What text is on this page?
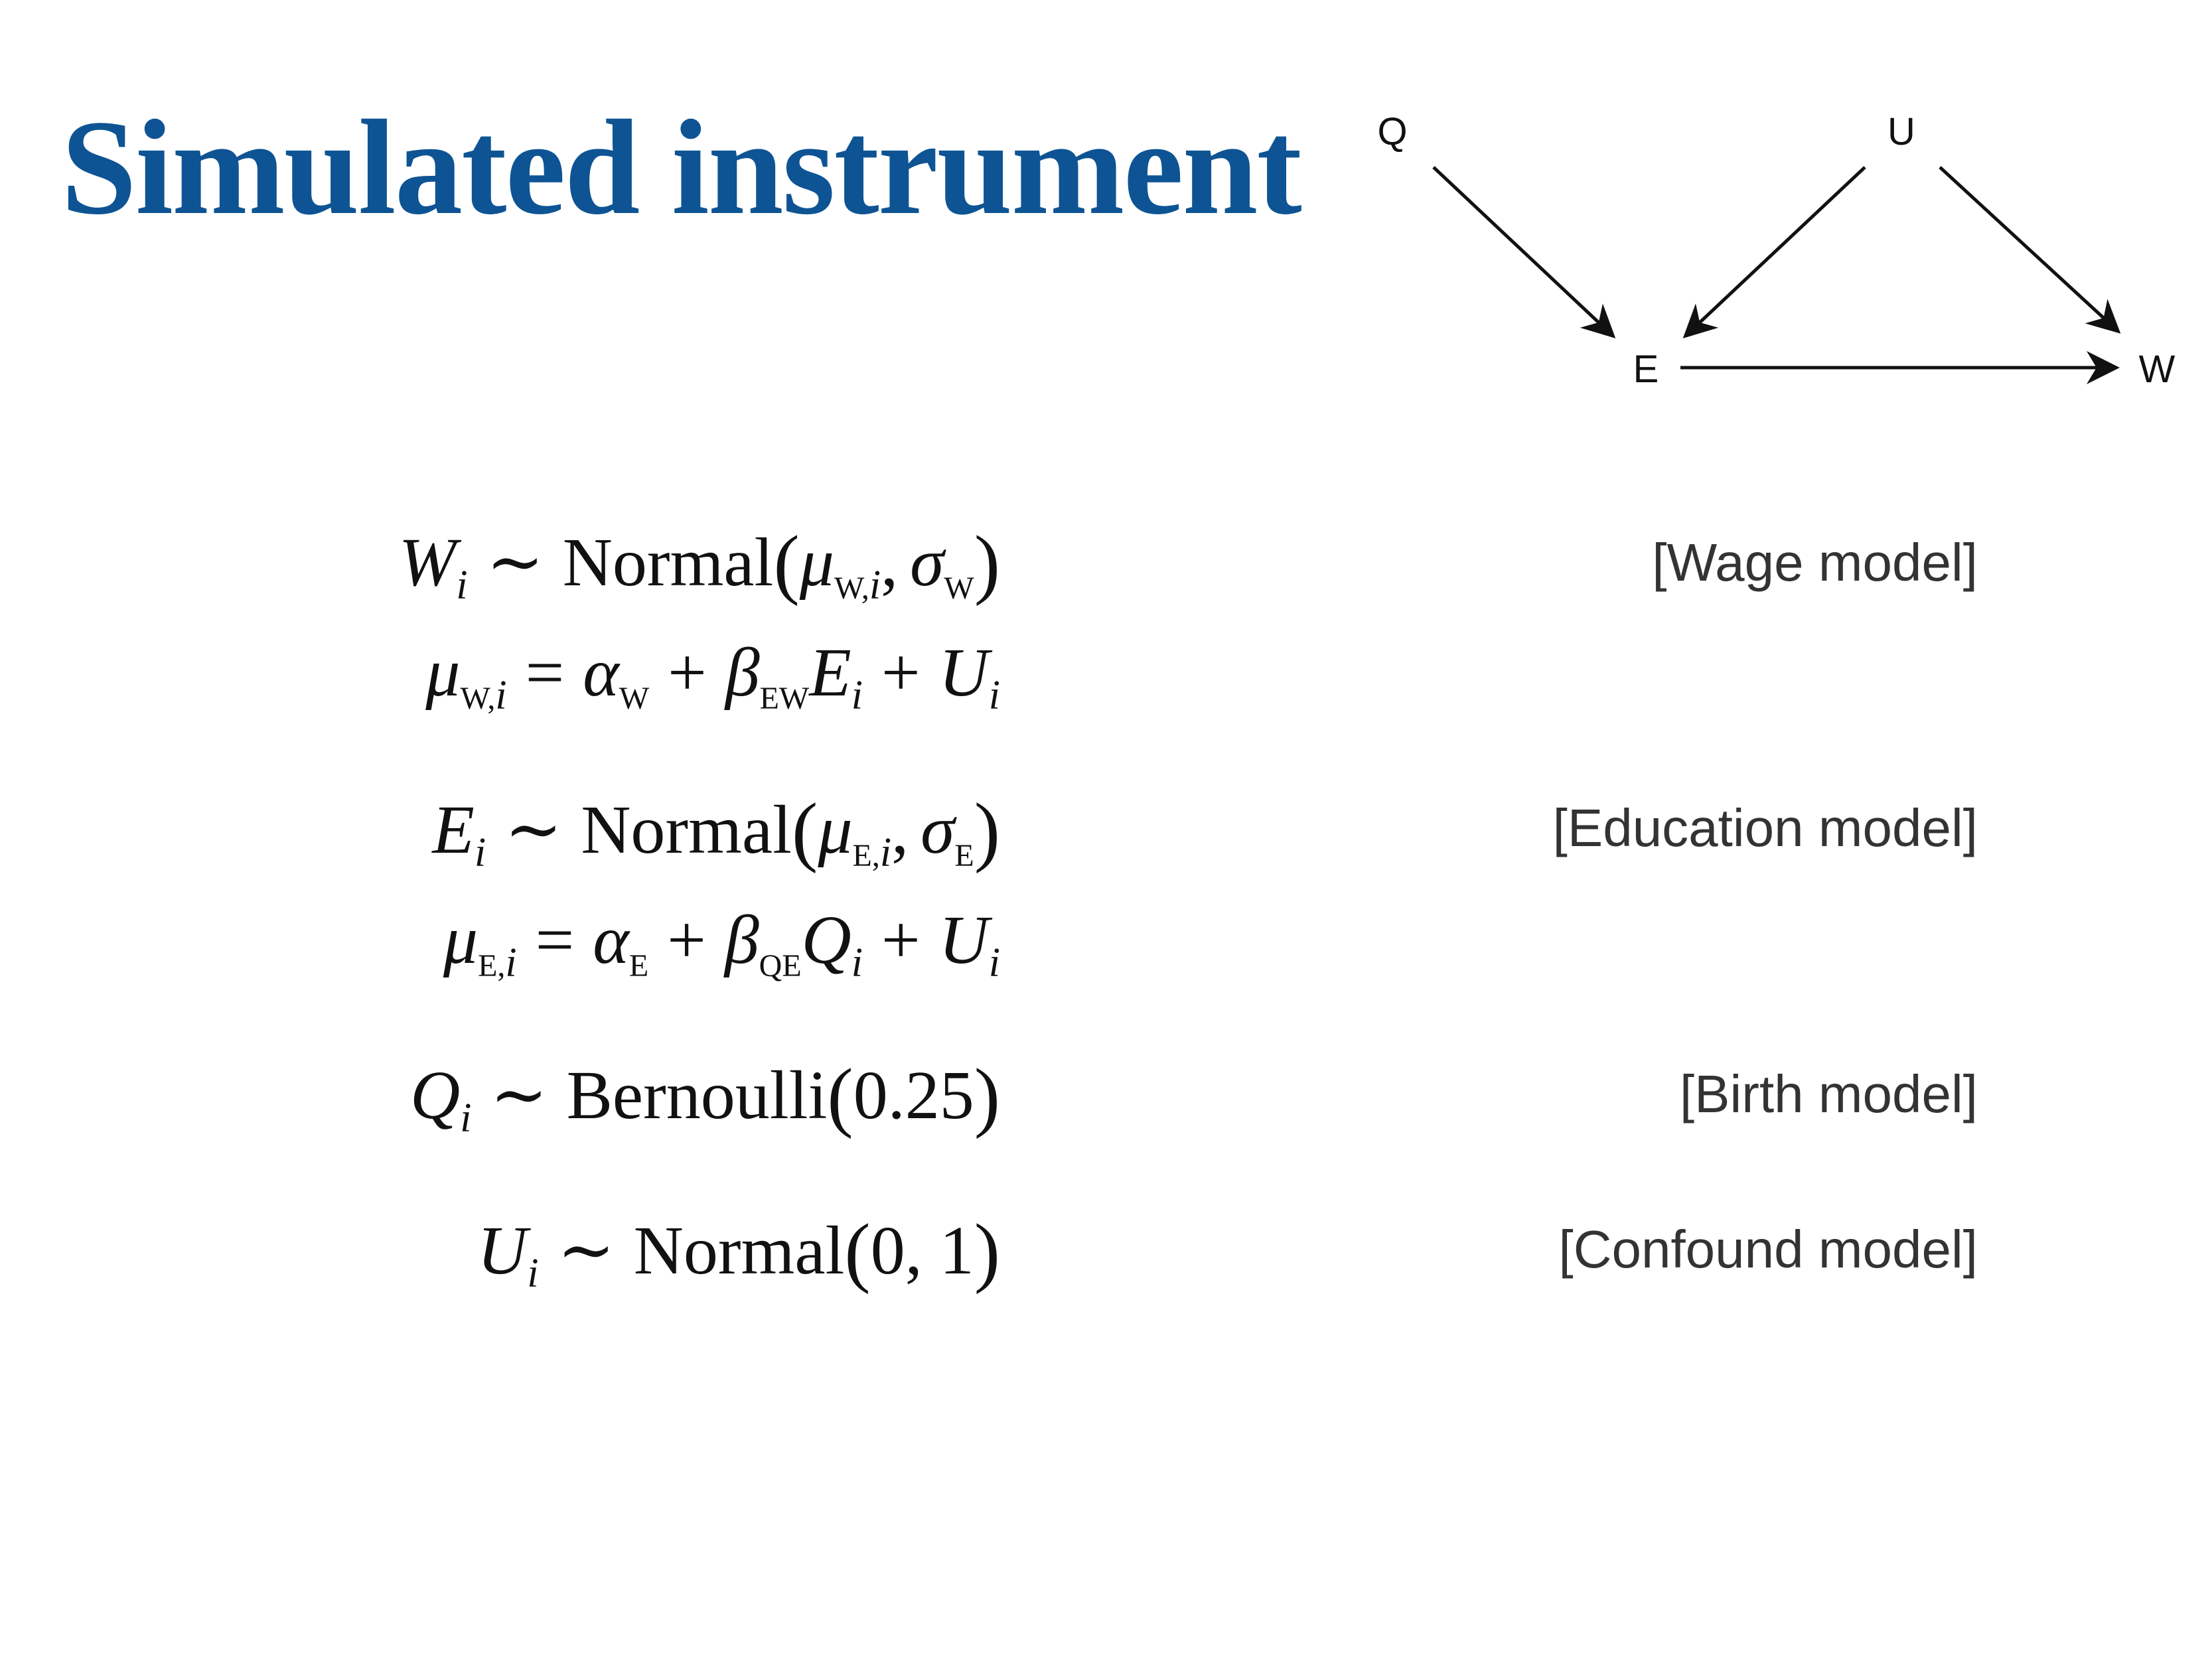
Simulated instrument Q	U
E	W
$W_i$ ∼ $Normal(\mu_{W,i}$, $\sigma_W$)	[Wage model]
$\mu_{W,i} = \alpha_W + \beta_{EW}E_i + U_i$
$E_i$ ∼ $Normal(\mu_{E,i}$, $\sigma_E$)	[Education model]
$\mu_{E,i} = \alpha_E + \beta_{QE}Q_i + U_i$
$Q_i$ ∼ Bernoulli(0.25)	[Birth model]
$U_i$ ∼ Normal(0, 1)	[Confound model]
